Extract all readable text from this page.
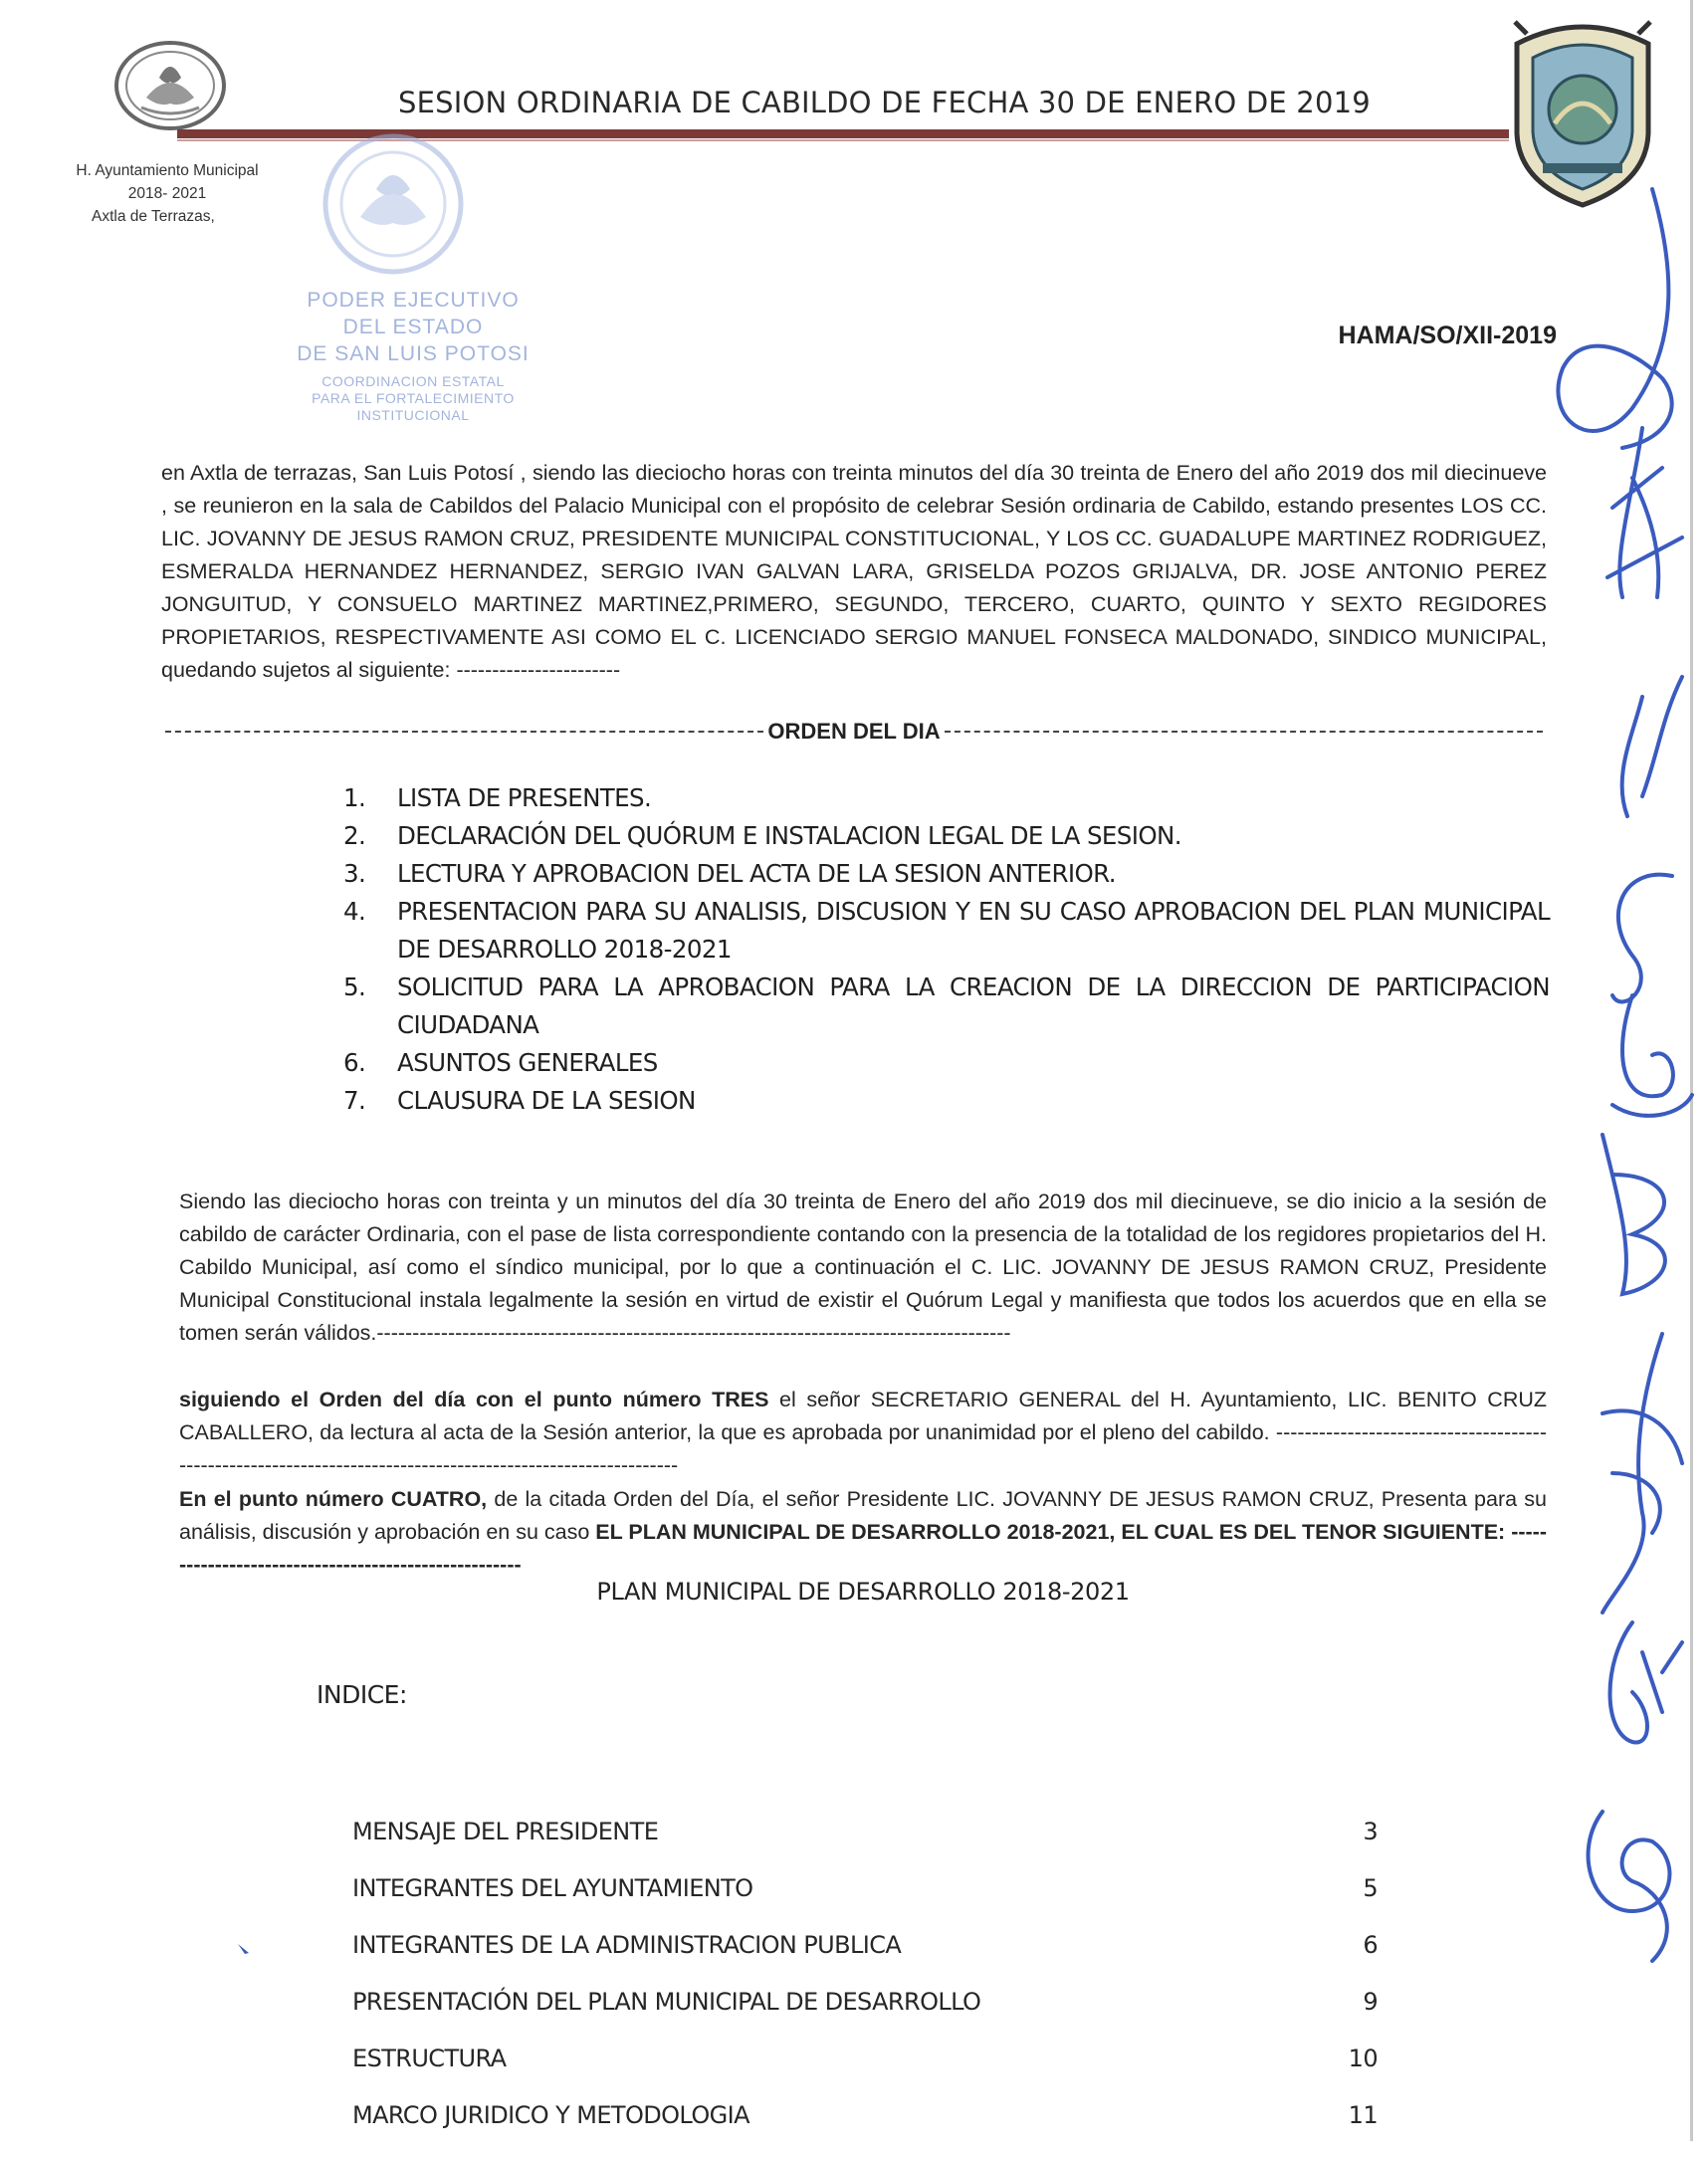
SESION ORDINARIA DE CABILDO DE FECHA 30 DE ENERO DE 2019
H. Ayuntamiento Municipal
2018- 2021
Axtla de Terrazas,
PODER EJECUTIVO
DEL ESTADO
DE SAN LUIS POTOSI
COORDINACION ESTATAL
PARA EL FORTALECIMIENTO
INSTITUCIONAL
HAMA/SO/XII-2019
en Axtla de terrazas, San Luis Potosí , siendo las dieciocho horas con treinta minutos del día 30 treinta de Enero del año 2019 dos mil diecinueve , se reunieron en la sala de Cabildos del Palacio Municipal con el propósito de celebrar Sesión ordinaria de Cabildo, estando presentes LOS CC. LIC. JOVANNY DE JESUS RAMON CRUZ, PRESIDENTE MUNICIPAL CONSTITUCIONAL, Y LOS CC. GUADALUPE MARTINEZ RODRIGUEZ, ESMERALDA HERNANDEZ HERNANDEZ, SERGIO IVAN GALVAN LARA, GRISELDA POZOS GRIJALVA, DR. JOSE ANTONIO PEREZ JONGUITUD, Y CONSUELO MARTINEZ MARTINEZ,PRIMERO, SEGUNDO, TERCERO, CUARTO, QUINTO Y SEXTO REGIDORES PROPIETARIOS, RESPECTIVAMENTE ASI COMO EL C. LICENCIADO SERGIO MANUEL FONSECA MALDONADO, SINDICO MUNICIPAL, quedando sujetos al siguiente: -----------------------
ORDEN DEL DIA
1.	LISTA DE PRESENTES.
2.	DECLARACIÓN DEL QUÓRUM E INSTALACION LEGAL DE LA SESION.
3.	LECTURA Y APROBACION DEL ACTA DE LA SESION ANTERIOR.
4.	PRESENTACION PARA SU ANALISIS, DISCUSION Y EN SU CASO APROBACION DEL PLAN MUNICIPAL DE DESARROLLO 2018-2021
5.	SOLICITUD PARA LA APROBACION PARA LA CREACION DE LA DIRECCION DE PARTICIPACION CIUDADANA
6.	ASUNTOS GENERALES
7.	CLAUSURA DE LA SESION
Siendo las dieciocho horas con treinta y un minutos del día 30 treinta de Enero del año 2019 dos mil diecinueve, se dio inicio a la sesión de cabildo de carácter Ordinaria, con el pase de lista correspondiente contando con la presencia de la totalidad de los regidores propietarios del H. Cabildo Municipal, así como el síndico municipal, por lo que a continuación el C. LIC. JOVANNY DE JESUS RAMON CRUZ, Presidente Municipal Constitucional instala legalmente la sesión en virtud de existir el Quórum Legal y manifiesta que todos los acuerdos que en ella se tomen serán válidos.-----------------------------------------------------------------------------------------
siguiendo el Orden del día con el punto número TRES el señor SECRETARIO GENERAL del H. Ayuntamiento, LIC. BENITO CRUZ CABALLERO, da lectura al acta de la Sesión anterior, la que es aprobada por unanimidad por el pleno del cabildo. ------------------------------------------------------------------------------------------------------------
En el punto número CUATRO, de la citada Orden del Día, el señor Presidente LIC. JOVANNY DE JESUS RAMON CRUZ, Presenta para su análisis, discusión y aprobación en su caso EL PLAN MUNICIPAL DE DESARROLLO 2018-2021, EL CUAL ES DEL TENOR SIGUIENTE: -----------------------------------------------------
PLAN MUNICIPAL DE DESARROLLO 2018-2021
INDICE:
MENSAJE DEL PRESIDENTE	3
INTEGRANTES DEL AYUNTAMIENTO	5
INTEGRANTES DE LA ADMINISTRACION PUBLICA	6
PRESENTACIÓN DEL PLAN MUNICIPAL DE DESARROLLO	9
ESTRUCTURA	10
MARCO JURIDICO Y METODOLOGIA	11
